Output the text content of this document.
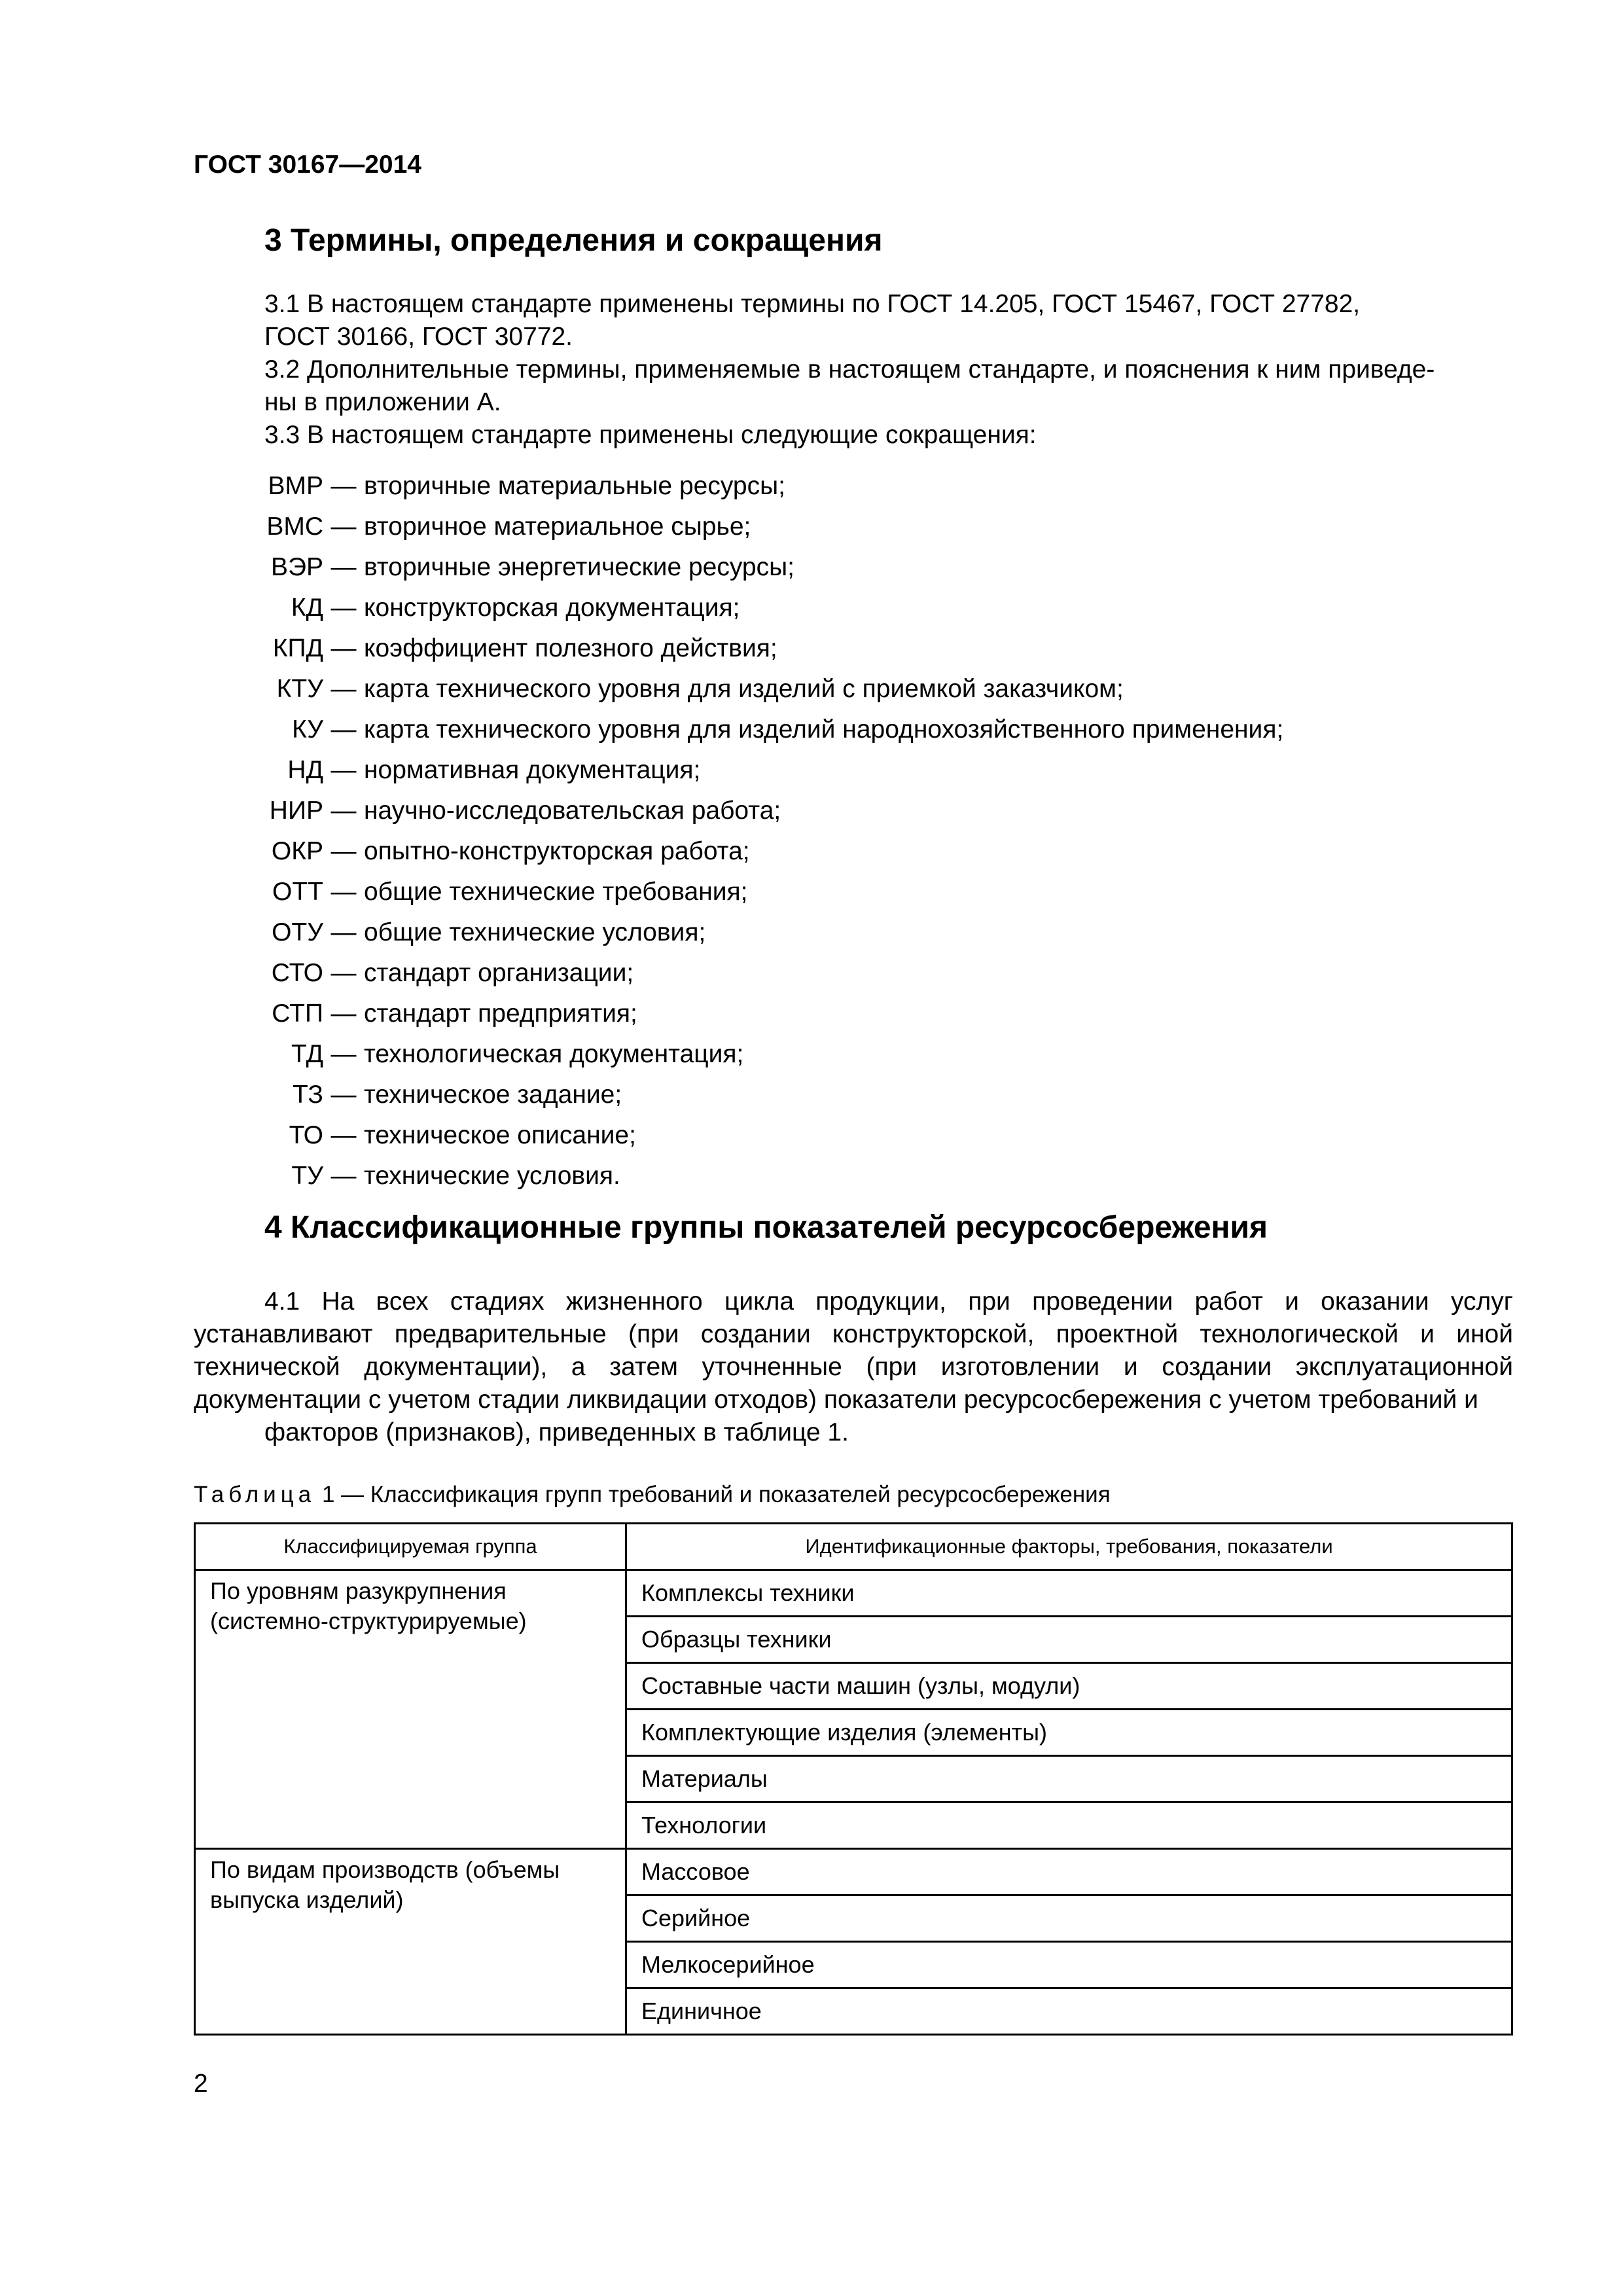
ГОСТ 30167—2014
3 Термины, определения и сокращения

3.1 В настоящем стандарте применены термины по ГОСТ 14.205, ГОСТ 15467, ГОСТ 27782,
ГОСТ 30166, ГОСТ 30772.

3.2 Дополнительные термины, применяемые в настоящем стандарте, и пояснения к ним приведе-
ны в приложении А.

3.3 В настоящем стандарте применены следующие сокращения:

ВМР — вторичные материальные ресурсы;
ВМС — вторичное материальное сырье;
ВЭР — вторичные энергетические ресурсы;
КД — конструкторская документация;
КПД — коэффициент полезного действия;
КТУ — карта технического уровня для изделий с приемкой заказчиком;
КУ — карта технического уровня для изделий народнохозяйственного применения;
НД — нормативная документация;
НИР — научно-исследовательская работа;
ОКР — опытно-конструкторская работа;
ОТТ — общие технические требования;
ОТУ — общие технические условия;
СТО — стандарт организации;
СТП — стандарт предприятия;
ТД — технологическая документация;
ТЗ — техническое задание;
ТО — техническое описание;
ТУ — технические условия.
4 Классификационные группы показателей ресурсосбережения

4.1 На всех стадиях жизненного цикла продукции, при проведении работ и оказании услуг устанавливают предварительные (при создании конструкторской, проектной технологической и иной технической документации), а затем уточненные (при изготовлении и создании эксплуатационной документации с учетом стадии ликвидации отходов) показатели ресурсосбережения с учетом требований и
факторов (признаков), приведенных в таблице 1.

Таблица 1 — Классификация групп требований и показателей ресурсосбережения
Классифицируемая группа	Идентификационные факторы, требования, показатели
По уровням разукрупнения (системно-структурируемые)	Комплексы техники
	Образцы техники
	Составные части машин (узлы, модули)
	Комплектующие изделия (элементы)
	Материалы
	Технологии
По видам производств (объемы выпуска изделий)	Массовое
	Серийное
	Мелкосерийное
	Единичное
2
